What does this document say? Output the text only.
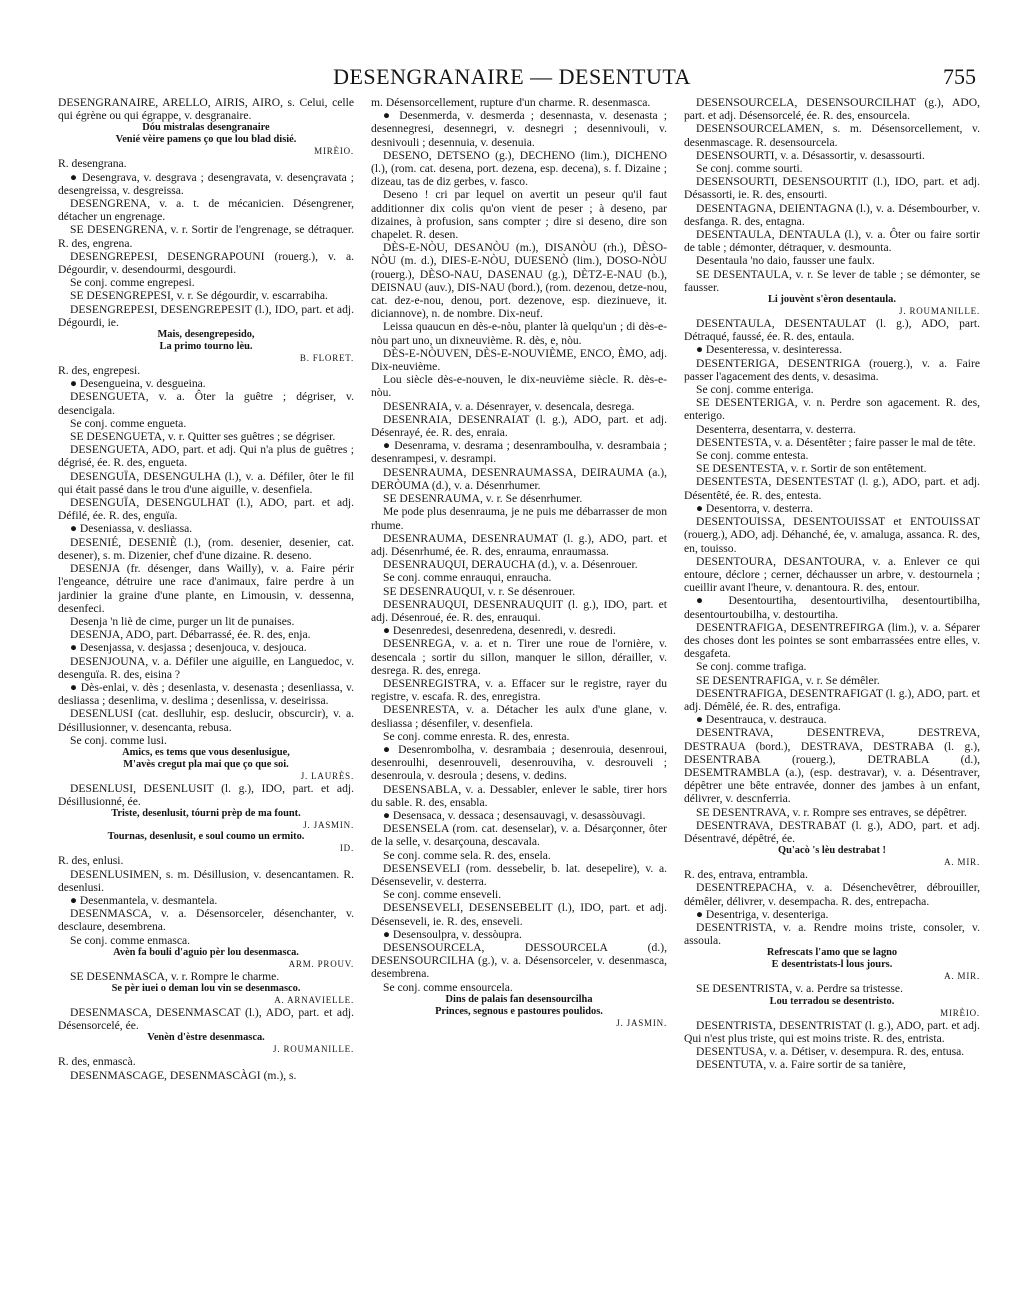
DESENGRANAIRE — DESENTUTA	755

DESENGRANAIRE, ARELLO, AIRIS, AIRO, s. Celui, celle qui égrène ou qui égrappe, v. desgranaire.

Dóu mistralas desengranaire

Venié vèire pamens ço que lou blad disié.

MIRÈIO.

R. desengrana.

● Desengrava, v. desgrava ; desengravata, v. desençravata ; desengreissa, v. desgreissa.

DESENGRENA, v. a. t. de mécanicien. Désengrener, détacher un engrenage.

SE DESENGRENA, v. r. Sortir de l'engrenage, se détraquer. R. des, engrena.

DESENGREPESI, DESENGRAPOUNI (rouerg.), v. a. Dégourdir, v. desendourmi, desgourdi.

Se conj. comme engrepesi.

SE DESENGREPESI, v. r. Se dégourdir, v. escarrabiha.

DESENGREPESI, DESENGREPESIT (l.), IDO, part. et adj. Dégourdi, ie.

Mais, desengrepesido,

La primo tourno lèu.

B. FLORET.

R. des, engrepesi.

● Desengueina, v. desgueina.

DESENGUETA, v. a. Ôter la guêtre ; dégriser, v. desencigala.

Se conj. comme engueta.

SE DESENGUETA, v. r. Quitter ses guêtres ; se dégriser.

DESENGUETA, ADO, part. et adj. Qui n'a plus de guêtres ; dégrisé, ée. R. des, engueta.

DESENGUÏA, DESENGULHA (l.), v. a. Défiler, ôter le fil qui était passé dans le trou d'une aiguille, v. desenfiela.

DESENGUÏA, DESENGULHAT (l.), ADO, part. et adj. Défilé, ée. R. des, enguïa.

● Deseniassa, v. desliassa.

DESENIÉ, DESENIÈ (l.), (rom. desenier, desenier, cat. desener), s. m. Dizenier, chef d'une dizaine. R. deseno.

DESENJA (fr. désenger, dans Wailly), v. a. Faire périr l'engeance, détruire une race d'animaux, faire perdre à un jardinier la graine d'une plante, en Limousin, v. dessenna, desenfeci.

Desenja 'n liè de cime, purger un lit de punaises.

DESENJA, ADO, part. Débarrassé, ée. R. des, enja.

● Desenjassa, v. desjassa ; desenjouca, v. desjouca.

DESENJOUNA, v. a. Défiler une aiguille, en Languedoc, v. desenguïa. R. des, eisina ?

● Dès-enlai, v. dès ; desenlasta, v. desenasta ; desenliassa, v. desliassa ; desenlima, v. deslima ; desenlissa, v. deseirissa.

DESENLUSI (cat. deslluhir, esp. deslucir, obscurcir), v. a. Désillusionner, v. desencanta, rebusa.

Se conj. comme lusi.

Amics, es tems que vous desenlusigue,

M'avès cregut pla mai que ço que soi.

J. LAURÈS.

DESENLUSI, DESENLUSIT (l. g.), IDO, part. et adj. Désillusionné, ée.

Triste, desenlusit, tóurni prèp de ma fount.

J. JASMIN.

Tournas, desenlusit, e soul coumo un ermito.

ID.

R. des, enlusi.

DESENLUSIMEN, s. m. Désillusion, v. desencantamen. R. desenlusi.

● Desenmantela, v. desmantela.

DESENMASCA, v. a. Désensorceler, désenchanter, v. desclaure, desembrena.

Se conj. comme enmasca.

Avèn fa bouli d'aguio pèr lou desenmasca.

ARM. PROUV.

SE DESENMASCA, v. r. Rompre le charme.

Se pèr iuei o deman lou vin se desenmasco.

A. ARNAVIELLE.

DESENMASCA, DESENMASCAT (l.), ADO, part. et adj. Désensorcelé, ée.

Venèn d'èstre desenmasca.

J. ROUMANILLE.

R. des, enmascà.

DESENMASCAGE, DESENMASCÀGI (m.), s.

m. Désensorcellement, rupture d'un charme. R. desenmasca.

● Desenmerda, v. desmerda ; desennasta, v. desenasta ; desennegresi, desennegri, v. desnegri ; desennivouli, v. desnivouli ; desennuia, v. desenuia.

DESENO, DETSENO (g.), DECHENO (lim.), DICHENO (l.), (rom. cat. desena, port. dezena, esp. decena), s. f. Dizaine ; dizeau, tas de diz gerbes, v. fasco.

Deseno ! cri par lequel on avertit un peseur qu'il faut additionner dix colis qu'on vient de peser ; à deseno, par dizaines, à profusion, sans compter ; dire si deseno, dire son chapelet. R. desen.

DÈS-E-NÒU, DESANÒU (m.), DISANÒU (rh.), DÈSO-NÒU (m. d.), DIES-E-NÒU, DUESENÒ (lim.), DOSO-NÒU (rouerg.), DÈSO-NAU, DASENAU (g.), DÈTZ-E-NAU (b.), DEISNAU (auv.), DIS-NAU (bord.), (rom. dezenou, detze-nou, cat. dez-e-nou, denou, port. dezenove, esp. diezinueve, it. diciannove), n. de nombre. Dix-neuf.

Leissa quaucun en dès-e-nòu, planter là quelqu'un ; di dès-e-nòu part uno, un dixneuvième. R. dès, e, nòu.

DÈS-E-NÒUVEN, DÈS-E-NOUVIÈME, ENCO, ÈMO, adj. Dix-neuvième.

Lou siècle dès-e-nouven, le dix-neuvième siècle. R. dès-e-nòu.

DESENRAIA, v. a. Désenrayer, v. desencala, desrega.

DESENRAIA, DESENRAIAT (l. g.), ADO, part. et adj. Désenrayé, ée. R. des, enraia.

● Desenrama, v. desrama ; desenramboulha, v. desrambaia ; desenrampesi, v. desrampi.

DESENRAUMA, DESENRAUMASSA, DEIRAUMA (a.), DERÒUMA (d.), v. a. Désenrhumer.

SE DESENRAUMA, v. r. Se désenrhumer.

Me pode plus desenrauma, je ne puis me débarrasser de mon rhume.

DESENRAUMA, DESENRAUMAT (l. g.), ADO, part. et adj. Désenrhumé, ée. R. des, enrauma, enraumassa.

DESENRAUQUI, DERAUCHA (d.), v. a. Désenrouer.

Se conj. comme enrauqui, enraucha.

SE DESENRAUQUI, v. r. Se désenrouer.

DESENRAUQUI, DESENRAUQUIT (l. g.), IDO, part. et adj. Désenroué, ée. R. des, enrauqui.

● Desenredesi, desenredena, desenredi, v. desredi.

DESENREGA, v. a. et n. Tirer une roue de l'ornière, v. desencala ; sortir du sillon, manquer le sillon, dérailler, v. desrega. R. des, enrega.

DESENREGISTRA, v. a. Effacer sur le registre, rayer du registre, v. escafa. R. des, enregistra.

DESENRESTA, v. a. Détacher les aulx d'une glane, v. desliassa ; désenfiler, v. desenfiela.

Se conj. comme enresta. R. des, enresta.

● Desenrombolha, v. desrambaia ; desenrouia, desenroui, desenroulhi, desenrouveli, desenrouviha, v. desrouveli ; desenroula, v. desroula ; desens, v. dedins.

DESENSABLA, v. a. Dessabler, enlever le sable, tirer hors du sable. R. des, ensabla.

● Desensaca, v. dessaca ; desensauvagi, v. desassòuvagi.

DESENSELA (rom. cat. desenselar), v. a. Désarçonner, ôter de la selle, v. desarçouna, descavala.

Se conj. comme sela. R. des, ensela.

DESENSEVELI (rom. dessebelir, b. lat. desepelire), v. a. Désensevelir, v. desterra.

Se conj. comme enseveli.

DESENSEVELI, DESENSEBELIT (l.), IDO, part. et adj. Désenseveli, ie. R. des, enseveli.

● Desensoulpra, v. dessòupra.

DESENSOURCELA, DESSOURCELA (d.), DESENSOURCILHA (g.), v. a. Désensorceler, v. desenmasca, desembrena.

Se conj. comme ensourcela.

Dins de palais fan desensourcilha

Princes, segnous e pastoures poulidos.

J. JASMIN.

DESENSOURCELA, DESENSOURCILHAT (g.), ADO, part. et adj. Désensorcelé, ée. R. des, ensourcela.

DESENSOURCELAMEN, s. m. Désensorcellement, v. desenmascage. R. desensourcela.

DESENSOURTI, v. a. Désassortir, v. desassourti.

Se conj. comme sourti.

DESENSOURTI, DESENSOURTIT (l.), IDO, part. et adj. Désassorti, ie. R. des, ensourti.

DESENTAGNA, DEIENTAGNA (l.), v. a. Désembourber, v. desfanga. R. des, entagna.

DESENTAULA, DENTAULA (l.), v. a. Ôter ou faire sortir de table ; démonter, détraquer, v. desmounta.

Desentaula 'no daio, fausser une faulx.

SE DESENTAULA, v. r. Se lever de table ; se démonter, se fausser.

Li jouvènt s'èron desentaula.

J. ROUMANILLE.

DESENTAULA, DESENTAULAT (l. g.), ADO, part. Détraqué, faussé, ée. R. des, entaula.

● Desenteressa, v. desinteressa.

DESENTERIGA, DESENTRIGA (rouerg.), v. a. Faire passer l'agacement des dents, v. desasima.

Se conj. comme enteriga.

SE DESENTERIGA, v. n. Perdre son agacement. R. des, enterigo.

Desenterra, desentarra, v. desterra.

DESENTESTA, v. a. Désentêter ; faire passer le mal de tête.

Se conj. comme entesta.

SE DESENTESTA, v. r. Sortir de son entêtement.

DESENTESTA, DESENTESTAT (l. g.), ADO, part. et adj. Désentêté, ée. R. des, entesta.

● Desentorra, v. desterra.

DESENTOUISSA, DESENTOUISSAT et ENTOUISSAT (rouerg.), ADO, adj. Déhanché, ée, v. amaluga, assanca. R. des, en, touisso.

DESENTOURA, DESANTOURA, v. a. Enlever ce qui entoure, déclore ; cerner, déchausser un arbre, v. destournela ; cueillir avant l'heure, v. denantoura. R. des, entour.

● Desentourtiha, desentourtivilha, desentourtibilha, desentourtoubilha, v. destourtiha.

DESENTRAFIGA, DESENTREFIRGA (lim.), v. a. Séparer des choses dont les pointes se sont embarrassées entre elles, v. desgafeta.

Se conj. comme trafiga.

SE DESENTRAFIGA, v. r. Se démêler.

DESENTRAFIGA, DESENTRAFIGAT (l. g.), ADO, part. et adj. Démêlé, ée. R. des, entrafiga.

● Desentrauca, v. destrauca.

DESENTRAVA, DESENTREVA, DESTREVA, DESTRAUA (bord.), DESTRAVA, DESTRABA (l. g.), DESENTRABA (rouerg.), DETRABLA (d.), DESEMTRAMBLA (a.), (esp. destravar), v. a. Désentraver, dépêtrer une bête entravée, donner des jambes à un enfant, délivrer, v. descnferria.

SE DESENTRAVA, v. r. Rompre ses entraves, se dépêtrer.

DESENTRAVA, DESTRABAT (l. g.), ADO, part. et adj. Désentravé, dépêtré, ée.

Qu'acò 's lèu destrabat !

A. MIR.

R. des, entrava, entrambla.

DESENTREPACHA, v. a. Désenchevêtrer, débrouiller, démêler, délivrer, v. desempacha. R. des, entrepacha.

● Desentriga, v. desenteriga.

DESENTRISTA, v. a. Rendre moins triste, consoler, v. assoula.

Refrescats l'amo que se lagno

E desentristats-l lous jours.

A. MIR.

SE DESENTRISTA, v. a. Perdre sa tristesse.

Lou terradou se desentristo.

MIRÈIO.

DESENTRISTA, DESENTRISTAT (l. g.), ADO, part. et adj. Qui n'est plus triste, qui est moins triste. R. des, entrista.

DESENTUSA, v. a. Détiser, v. desempura. R. des, entusa.

DESENTUTA, v. a. Faire sortir de sa tanière,
